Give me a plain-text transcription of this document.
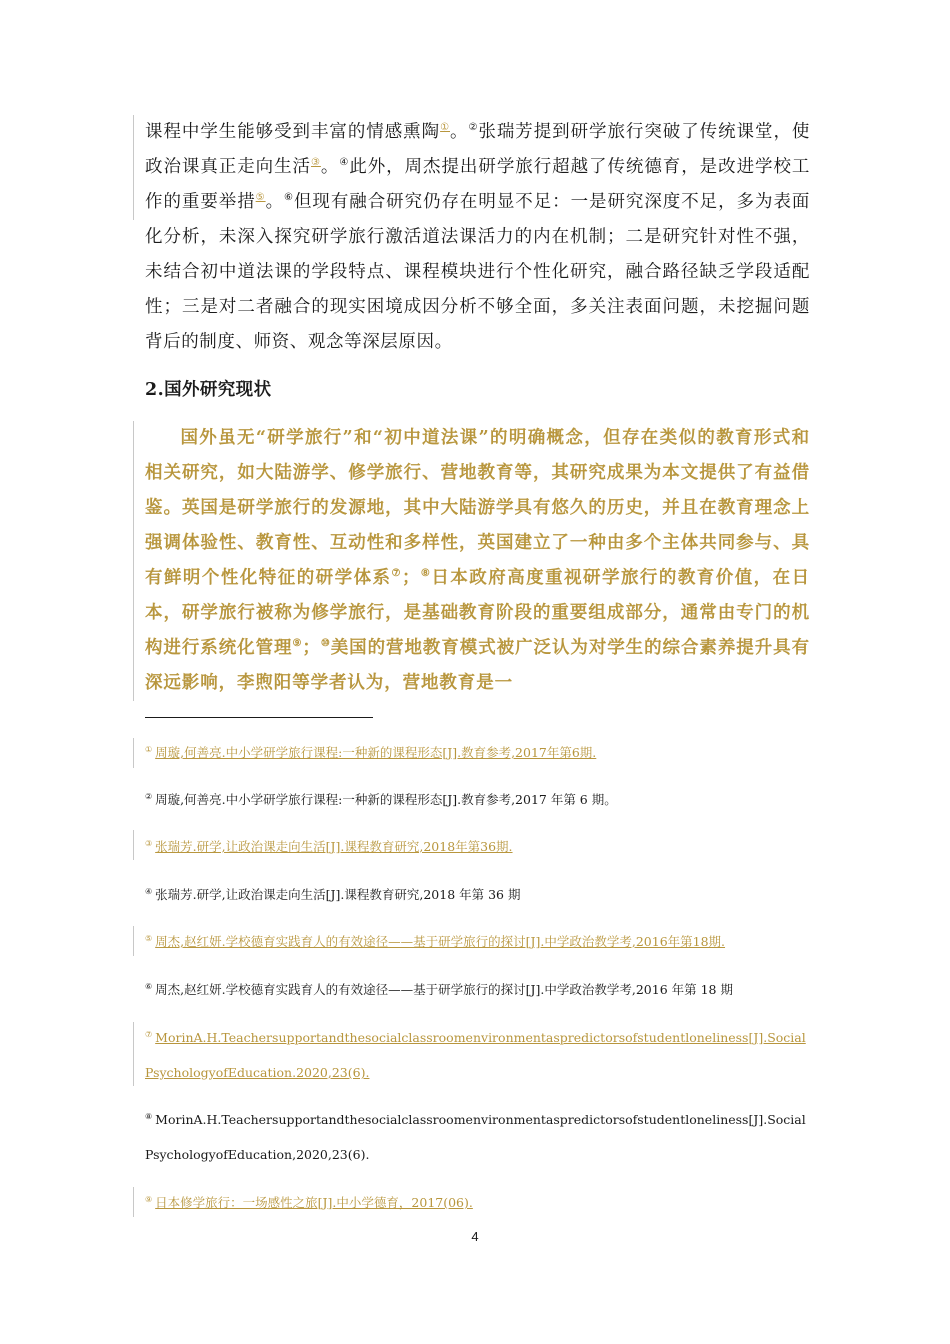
课程中学生能够受到丰富的情感熏陶①。②张瑞芳提到研学旅行突破了传统课堂，使政治课真正走向生活③。④此外，周杰提出研学旅行超越了传统德育，是改进学校工作的重要举措⑤。⑥但现有融合研究仍存在明显不足：一是研究深度不足，多为表面化分析，未深入探究研学旅行激活道法课活力的内在机制；二是研究针对性不强，未结合初中道法课的学段特点、课程模块进行个性化研究，融合路径缺乏学段适配性；三是对二者融合的现实困境成因分析不够全面，多关注表面问题，未挖掘问题背后的制度、师资、观念等深层原因。
2.国外研究现状
国外虽无“研学旅行”和“初中道法课”的明确概念，但存在类似的教育形式和相关研究，如大陆游学、修学旅行、营地教育等，其研究成果为本文提供了有益借鉴。英国是研学旅行的发源地，其中大陆游学具有悠久的历史，并且在教育理念上强调体验性、教育性、互动性和多样性，英国建立了一种由多个主体共同参与、具有鲜明个性化特征的研学体系⑦；⑧日本政府高度重视研学旅行的教育价值，在日本，研学旅行被称为修学旅行，是基础教育阶段的重要组成部分，通常由专门的机构进行系统化管理⑨；⑩美国的营地教育模式被广泛认为对学生的综合素养提升具有深远影响，李煦阳等学者认为，营地教育是一
① 周璇,何善亮.中小学研学旅行课程:一种新的课程形态[J].教育参考,2017年第6期.
② 周璇,何善亮.中小学研学旅行课程:一种新的课程形态[J].教育参考,2017 年第 6 期。
③ 张瑞芳.研学,让政治课走向生活[J].课程教育研究,2018年第36期.
④ 张瑞芳.研学,让政治课走向生活[J].课程教育研究,2018 年第 36 期
⑤ 周杰,赵红妍.学校德育实践育人的有效途径——基于研学旅行的探讨[J].中学政治教学考,2016年第18期.
⑥ 周杰,赵红妍.学校德育实践育人的有效途径——基于研学旅行的探讨[J].中学政治教学考,2016 年第 18 期
⑦ MorinA.H.Teachersupportandthesocialclassroomenvironmentaspredictorsofstudentloneliness[J].SocialPsychologyofEducation.2020,23(6).
⑧ MorinA.H.Teachersupportandthesocialclassroomenvironmentaspredictorsofstudentloneliness[J].SocialPsychologyofEducation,2020,23(6).
⑨ 日本修学旅行：一场感性之旅[J].中小学德育，2017(06).
4
